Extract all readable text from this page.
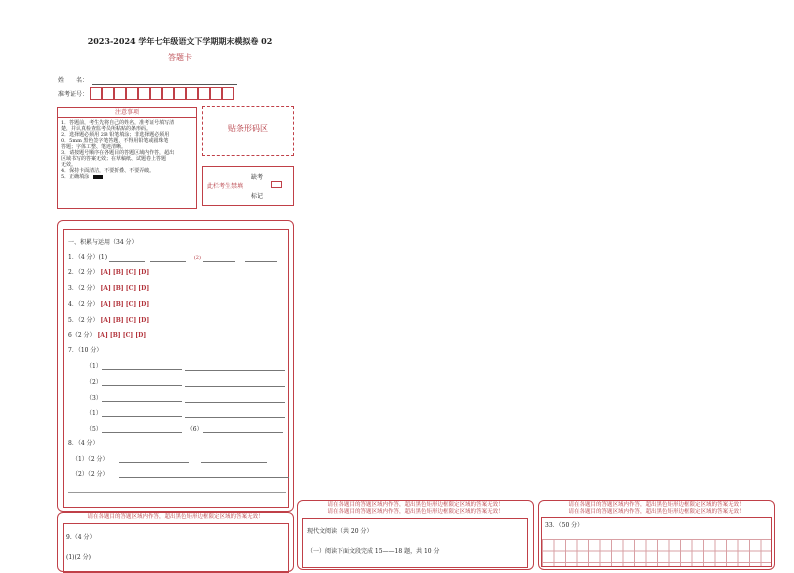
2023-2024 学年七年级语文下学期期末模拟卷 02
答题卡
姓　　名：
准考证号：
注意事项
1．答题前，考生先将自己的姓名，准考证号填写清
楚，并认真检查监考员所粘贴的条形码。
2．选择题必须用 2B 铅笔填涂；非选择题必须用
0．5mm 黑色签字笔答题，不得用铅笔或圆珠笔
答题；字体工整、笔迹清晰。
3．请按题号顺序在各题目的答题区域内作答，超出
区域书写的答案无效；在草稿纸、试题卷上答题
无效。
4．保持卡面清洁，不要折叠、不要弄破。
5．正确填涂
贴条形码区
缺考
此栏考生禁填
标记
一、积累与运用（34 分）
1．（4 分）(1)	(2)
2．（2 分） [A] [B] [C] [D]
3．（2 分） [A] [B] [C] [D]
4．（2 分） [A] [B] [C] [D]
5．（2 分） [A] [B] [C] [D]
6（2 分） [A] [B] [C] [D]
7．（10 分）
（1）
（2）
（3）
（1）
（5）	（6）
8．（4 分）
（1）（2 分）
（2）（2 分）
请在各题目的答题区域内作答，超出黑色矩形边框限定区域的答案无效！
9.（4 分）
(1)(2 分)
请在各题目的答题区域内作答，超出黑色矩形边框限定区域的答案无效！
请在各题目的答题区域内作答，超出黑色矩形边框限定区域的答案无效！
现代文阅读（共 20 分）
（一）阅读下面文段完成 15——18 题，共 10 分
请在各题目的答题区域内作答，超出黑色矩形边框限定区域的答案无效！
请在各题目的答题区域内作答，超出黑色矩形边框限定区域的答案无效！
33．（50 分）
